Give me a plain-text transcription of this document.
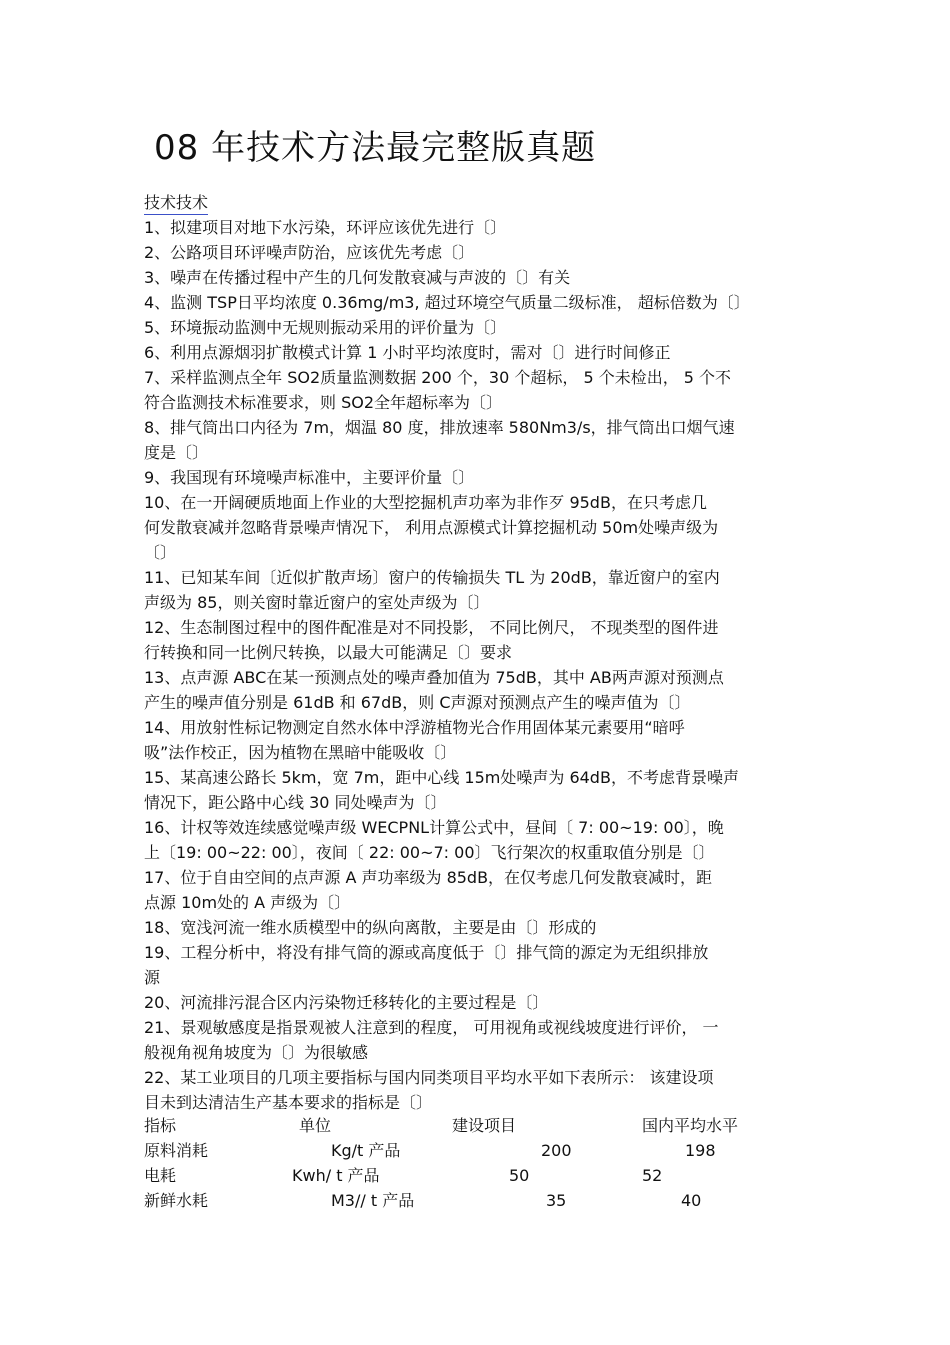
08 年技术方法最完整版真题
技术技术
1、拟建项目对地下水污染，环评应该优先进行〔〕
2、公路项目环评噪声防治，应该优先考虑〔〕
3、噪声在传播过程中产生的几何发散衰减与声波的〔〕有关
4、监测 TSP日平均浓度 0.36mg/m3, 超过环境空气质量二级标准， 超标倍数为〔〕
5、环境振动监测中无规则振动采用的评价量为〔〕
6、利用点源烟羽扩散模式计算 1 小时平均浓度时，需对〔〕进行时间修正
7、采样监测点全年 SO2质量监测数据 200 个，30 个超标， 5 个未检出， 5 个不
符合监测技术标准要求，则 SO2全年超标率为〔〕
8、排气筒出口内径为 7m，烟温 80 度，排放速率 580Nm3/s，排气筒出口烟气速
度是〔〕
9、我国现有环境噪声标准中，主要评价量〔〕
10、在一开阔硬质地面上作业的大型挖掘机声功率为非作歹 95dB，在只考虑几
何发散衰减并忽略背景噪声情况下， 利用点源模式计算挖掘机动 50m处噪声级为
〔〕
11、已知某车间〔近似扩散声场〕窗户的传输损失 TL 为 20dB，靠近窗户的室内
声级为 85，则关窗时靠近窗户的室处声级为〔〕
12、生态制图过程中的图件配准是对不同投影， 不同比例尺， 不现类型的图件进
行转换和同一比例尺转换，以最大可能满足〔〕要求
13、点声源 ABC在某一预测点处的噪声叠加值为 75dB，其中 AB两声源对预测点
产生的噪声值分别是 61dB 和 67dB，则 C声源对预测点产生的噪声值为〔〕
14、用放射性标记物测定自然水体中浮游植物光合作用固体某元素要用“暗呼
吸”法作校正，因为植物在黑暗中能吸收〔〕
15、某高速公路长 5km，宽 7m，距中心线 15m处噪声为 64dB，不考虑背景噪声
情况下，距公路中心线 30 同处噪声为〔〕
16、计权等效连续感觉噪声级 WECPNL计算公式中，昼间〔 7: 00~19: 00〕，晚
上〔19: 00~22: 00〕，夜间〔 22: 00~7: 00〕飞行架次的权重取值分别是〔〕
17、位于自由空间的点声源 A 声功率级为 85dB，在仅考虑几何发散衰减时，距
点源 10m处的 A 声级为〔〕
18、宽浅河流一维水质模型中的纵向离散，主要是由〔〕形成的
19、工程分析中，将没有排气筒的源或高度低于〔〕排气筒的源定为无组织排放
源
20、河流排污混合区内污染物迁移转化的主要过程是〔〕
21、景观敏感度是指景观被人注意到的程度， 可用视角或视线坡度进行评价， 一
般视角视角坡度为〔〕为很敏感
22、某工业项目的几项主要指标与国内同类项目平均水平如下表所示： 该建设项
目未到达清洁生产基本要求的指标是〔〕
指标	单位	建设项目	国内平均水平
原料消耗	Kg/t 产品	200	198
电耗	Kwh/ t 产品	50	52
新鲜水耗	M3// t 产品	35	40
